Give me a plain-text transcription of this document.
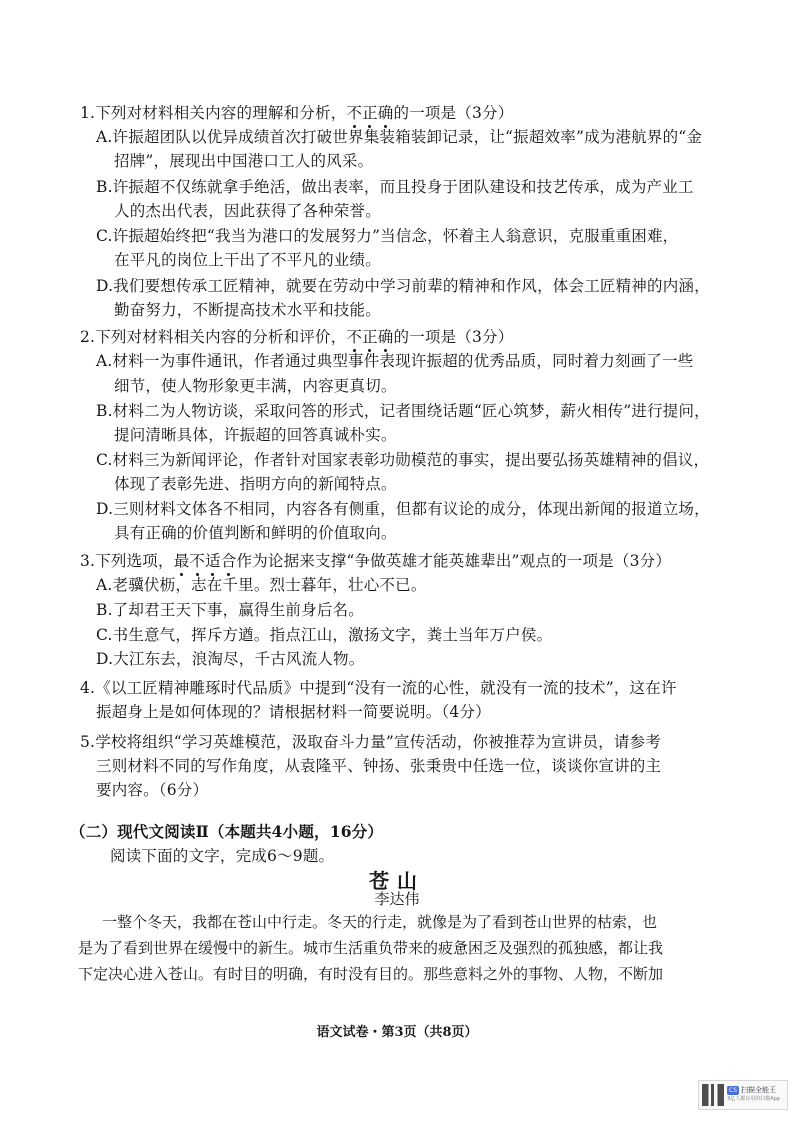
1.下列对材料相关内容的理解和分析，不正确的一项是（3分）
A.许振超团队以优异成绩首次打破世界集装箱装卸记录，让“振超效率”成为港航界的“金
招牌”，展现出中国港口工人的风采。
B.许振超不仅练就拿手绝活，做出表率，而且投身于团队建设和技艺传承，成为产业工
人的杰出代表，因此获得了各种荣誉。
C.许振超始终把“我当为港口的发展努力”当信念，怀着主人翁意识，克服重重困难，
在平凡的岗位上干出了不平凡的业绩。
D.我们要想传承工匠精神，就要在劳动中学习前辈的精神和作风，体会工匠精神的内涵，
勤奋努力，不断提高技术水平和技能。
2.下列对材料相关内容的分析和评价，不正确的一项是（3分）
A.材料一为事件通讯，作者通过典型事件表现许振超的优秀品质，同时着力刻画了一些
细节，使人物形象更丰满，内容更真切。
B.材料二为人物访谈，采取问答的形式，记者围绕话题“匠心筑梦，薪火相传”进行提问，
提问清晰具体，许振超的回答真诚朴实。
C.材料三为新闻评论，作者针对国家表彰功勋模范的事实，提出要弘扬英雄精神的倡议，
体现了表彰先进、指明方向的新闻特点。
D.三则材料文体各不相同，内容各有侧重，但都有议论的成分，体现出新闻的报道立场，
具有正确的价值判断和鲜明的价值取向。
3.下列选项，最不适合作为论据来支撑“争做英雄才能英雄辈出”观点的一项是（3分）
A.老骥伏枥，志在千里。烈士暮年，壮心不已。
B.了却君王天下事，赢得生前身后名。
C.书生意气，挥斥方遒。指点江山，激扬文字，粪土当年万户侯。
D.大江东去，浪淘尽，千古风流人物。
4.《以工匠精神雕琢时代品质》中提到“没有一流的心性，就没有一流的技术”，这在许
振超身上是如何体现的？请根据材料一简要说明。（4分）
5.学校将组织“学习英雄模范，汲取奋斗力量”宣传活动，你被推荐为宣讲员，请参考
三则材料不同的写作角度，从袁隆平、钟扬、张秉贵中任选一位，谈谈你宣讲的主
要内容。（6分）
（二）现代文阅读Ⅱ（本题共4小题，16分）
阅读下面的文字，完成6～9题。
苍山
李达伟
一整个冬天，我都在苍山中行走。冬天的行走，就像是为了看到苍山世界的枯索，也
是为了看到世界在缓慢中的新生。城市生活重负带来的疲惫困乏及强烈的孤独感，都让我
下定决心进入苍山。有时目的明确，有时没有目的。那些意料之外的事物、人物，不断加
语文试卷・第3页（共8页）
CS 扫描全能王
3亿人都在用的扫描App
